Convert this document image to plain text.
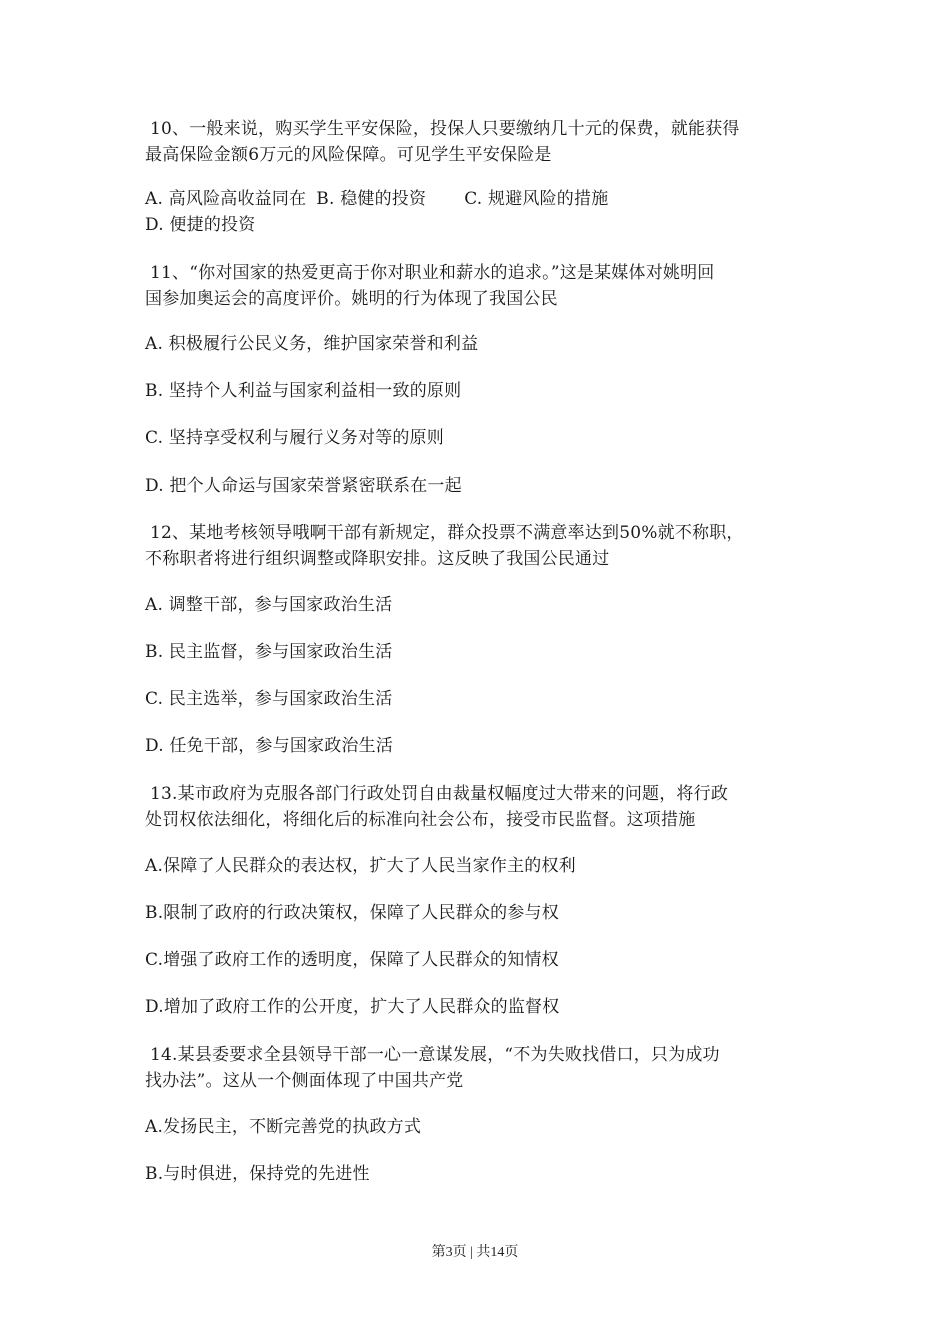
10、一般来说，购买学生平安保险，投保人只要缴纳几十元的保费，就能获得
最高保险金额6万元的风险保障。可见学生平安保险是
A. 高风险高收益同在 B. 稳健的投资 C. 规避风险的措施
D. 便捷的投资
11、“你对国家的热爱更高于你对职业和薪水的追求。”这是某媒体对姚明回
国参加奥运会的高度评价。姚明的行为体现了我国公民
A. 积极履行公民义务，维护国家荣誉和利益
B. 坚持个人利益与国家利益相一致的原则
C. 坚持享受权利与履行义务对等的原则
D. 把个人命运与国家荣誉紧密联系在一起
12、某地考核领导哦啊干部有新规定，群众投票不满意率达到50%就不称职，
不称职者将进行组织调整或降职安排。这反映了我国公民通过
A. 调整干部，参与国家政治生活
B. 民主监督，参与国家政治生活
C. 民主选举，参与国家政治生活
D. 任免干部，参与国家政治生活
13.某市政府为克服各部门行政处罚自由裁量权幅度过大带来的问题，将行政
处罚权依法细化，将细化后的标准向社会公布，接受市民监督。这项措施
A.保障了人民群众的表达权，扩大了人民当家作主的权利
B.限制了政府的行政决策权，保障了人民群众的参与权
C.增强了政府工作的透明度，保障了人民群众的知情权
D.增加了政府工作的公开度，扩大了人民群众的监督权
14.某县委要求全县领导干部一心一意谋发展，“不为失败找借口，只为成功
找办法”。这从一个侧面体现了中国共产党
A.发扬民主，不断完善党的执政方式
B.与时俱进，保持党的先进性
第3页 | 共14页
